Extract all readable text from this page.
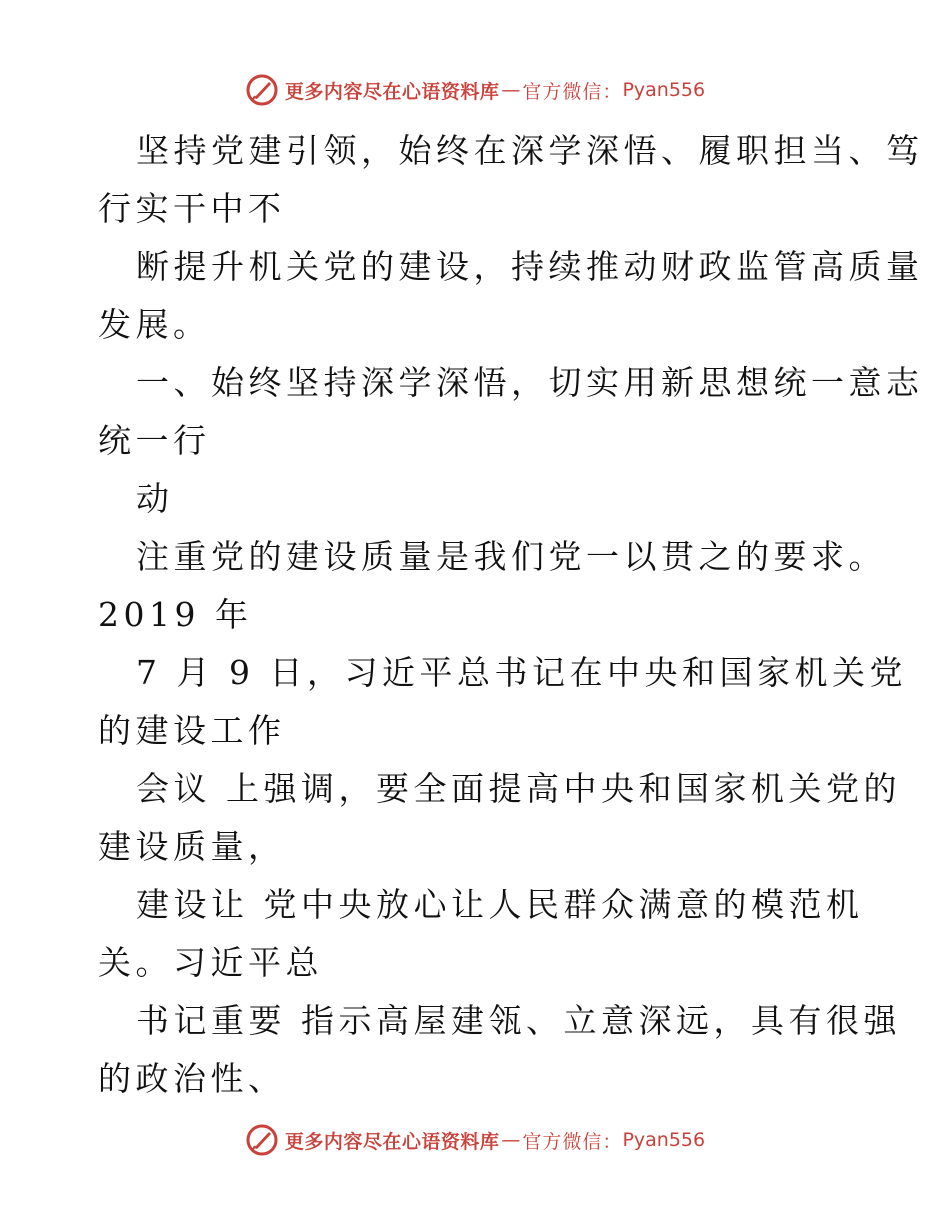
更多内容尽在心语资料库 — 官方微信： Pyan556
坚持党建引领，始终在深学深悟、履职担当、笃
行实干中不
断提升机关党的建设，持续推动财政监管高质量
发展。
一、始终坚持深学深悟，切实用新思想统一意志
统一行
动
注重党的建设质量是我们党一以贯之的要求。
2019 年
7 月 9 日，习近平总书记在中央和国家机关党
的建设工作
会议 上强调，要全面提高中央和国家机关党的
建设质量，
建设让 党中央放心让人民群众满意的模范机
关。习近平总
书记重要 指示高屋建瓴、立意深远，具有很强
的政治性、
更多内容尽在心语资料库 — 官方微信： Pyan556
